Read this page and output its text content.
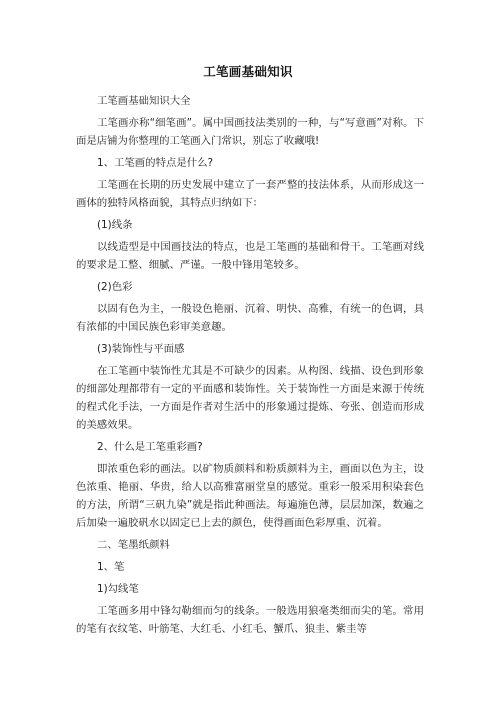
工笔画基础知识

工笔画基础知识大全

工笔画亦称“细笔画”。属中国画技法类别的一种，与“写意画”对称。下面是店铺为你整理的工笔画入门常识，别忘了收藏哦!

1、工笔画的特点是什么?

工笔画在长期的历史发展中建立了一套严整的技法体系，从而形成这一画体的独特风格面貌，其特点归纳如下：

(1)线条

以线造型是中国画技法的特点，也是工笔画的基础和骨干。工笔画对线的要求是工整、细腻、严谨。一般中锋用笔较多。

(2)色彩

以固有色为主，一般设色艳丽、沉着、明快、高雅，有统一的色调，具有浓郁的中国民族色彩审美意趣。

(3)装饰性与平面感

在工笔画中装饰性尤其是不可缺少的因素。从构图、线描、设色到形象的细部处理都带有一定的平面感和装饰性。关于装饰性一方面是来源于传统的程式化手法，一方面是作者对生活中的形象通过提炼、夸张、创造而形成的美感效果。

2、什么是工笔重彩画?

即浓重色彩的画法。以矿物质颜料和粉质颜料为主，画面以色为主，设色浓重、艳丽、华贵，给人以高雅富丽堂皇的感觉。重彩一般采用积染套色的方法，所谓“三矾九染”就是指此种画法。每遍施色薄，层层加深，数遍之后加染一遍胶矾水以固定已上去的颜色，使得画面色彩厚重、沉着。

二、笔墨纸颜料

1、笔

1)勾线笔

工笔画多用中锋勾勒细而匀的线条。一般选用狼毫类细而尖的笔。常用的笔有衣纹笔、叶筋笔、大红毛、小红毛、蟹爪、狼圭、紫圭等
